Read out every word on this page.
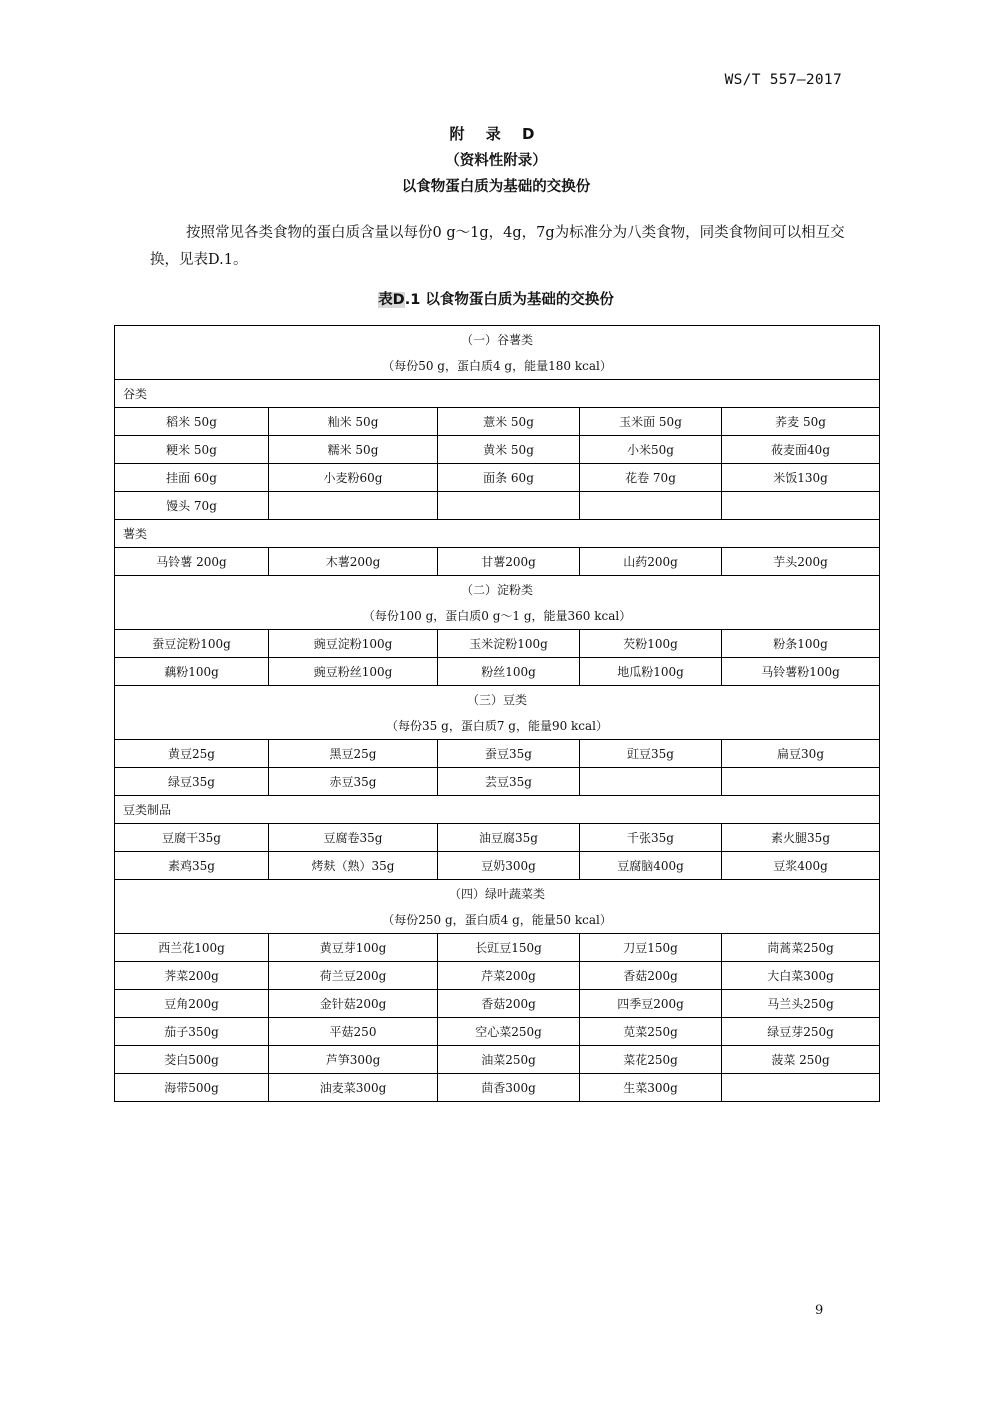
WS/T 557—2017
附 录 D
（资料性附录）
以食物蛋白质为基础的交换份
按照常见各类食物的蛋白质含量以每份0 g～1g，4g，7g为标准分为八类食物，同类食物间可以相互交换，见表D.1。
表D.1 以食物蛋白质为基础的交换份
（一）谷薯类
（每份50 g，蛋白质4 g，能量180 kcal）				

谷类				
稻米 50g	籼米 50g	薏米 50g	玉米面 50g	荞麦 50g
粳米 50g	糯米 50g	黄米 50g	小米50g	莜麦面40g
挂面 60g	小麦粉60g	面条 60g	花卷 70g	米饭130g
馒头 70g				
薯类				
马铃薯 200g	木薯200g	甘薯200g	山药200g	芋头200g

（二）淀粉类
（每份100 g，蛋白质0 g～1 g，能量360 kcal）				

蚕豆淀粉100g	豌豆淀粉100g	玉米淀粉100g	芡粉100g	粉条100g
藕粉100g	豌豆粉丝100g	粉丝100g	地瓜粉100g	马铃薯粉100g

（三）豆类
（每份35 g，蛋白质7 g，能量90 kcal）				

黄豆25g	黑豆25g	蚕豆35g	豇豆35g	扁豆30g
绿豆35g	赤豆35g	芸豆35g		
豆类制品				
豆腐干35g	豆腐卷35g	油豆腐35g	千张35g	素火腿35g
素鸡35g	烤麸（熟）35g	豆奶300g	豆腐脑400g	豆浆400g

（四）绿叶蔬菜类
（每份250 g，蛋白质4 g，能量50 kcal）				

西兰花100g	黄豆芽100g	长豇豆150g	刀豆150g	茼蒿菜250g
荠菜200g	荷兰豆200g	芹菜200g	香菇200g	大白菜300g
豆角200g	金针菇200g	香菇200g	四季豆200g	马兰头250g
茄子350g	平菇250	空心菜250g	苋菜250g	绿豆芽250g
茭白500g	芦笋300g	油菜250g	菜花250g	菠菜 250g
海带500g	油麦菜300g	茴香300g	生菜300g	
9
